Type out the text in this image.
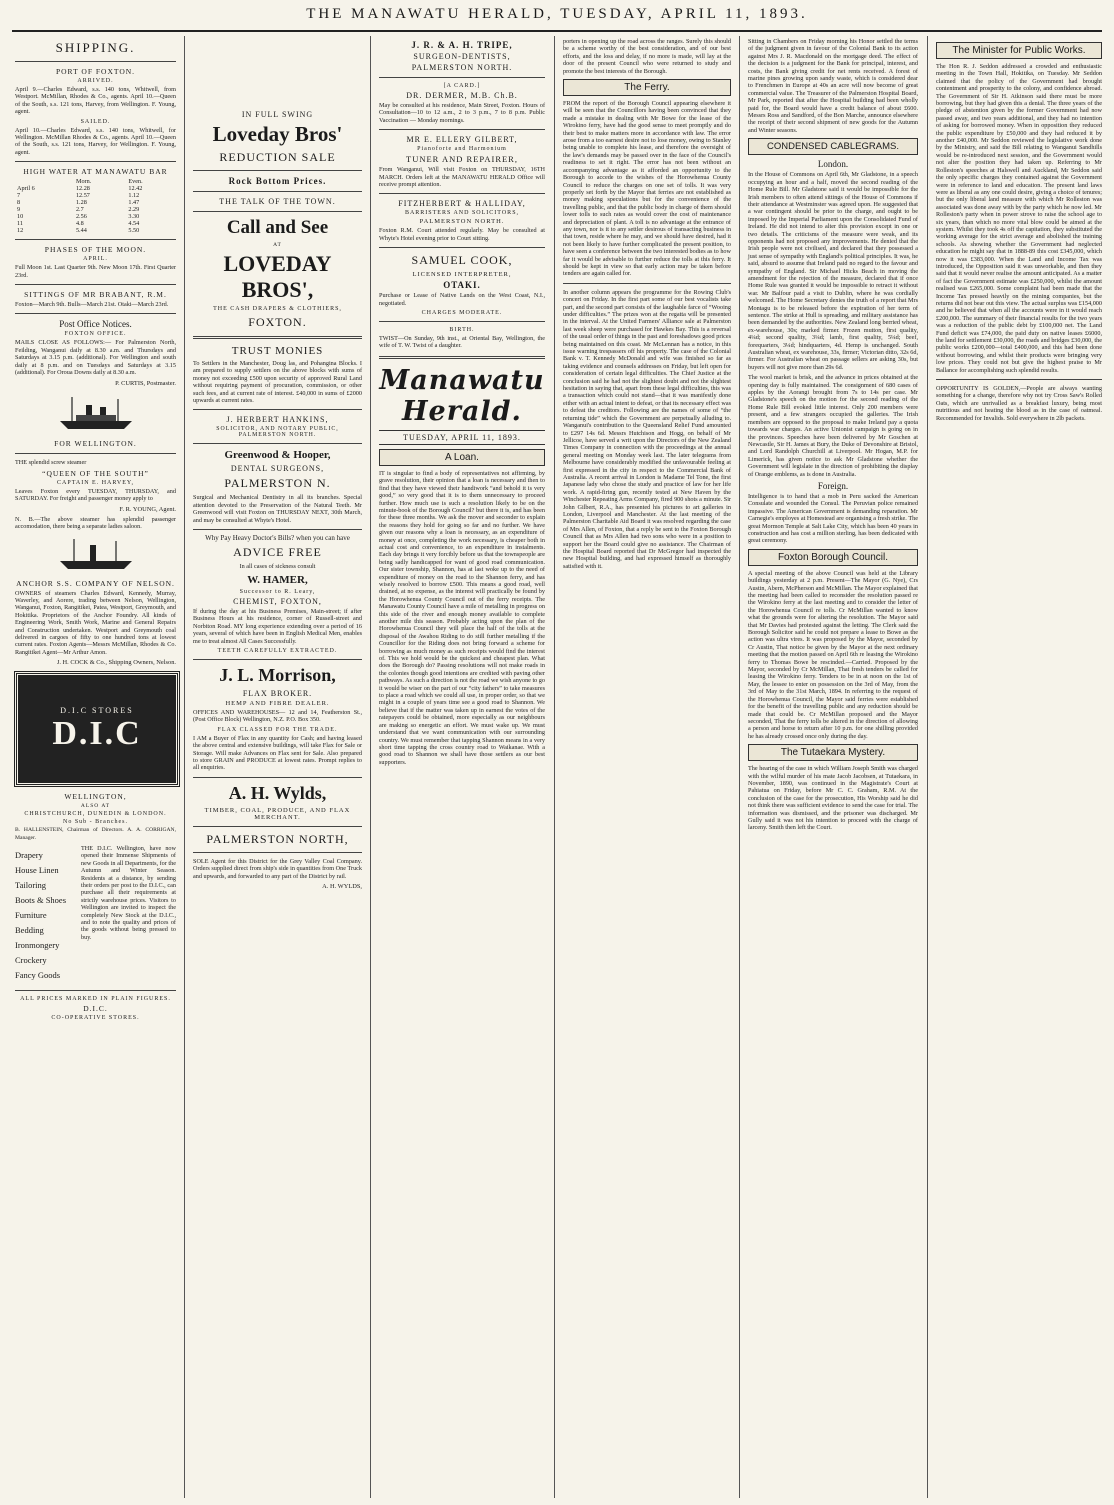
THE MANAWATU HERALD, TUESDAY, APRIL 11, 1893.
SHIPPING.
PORT OF FOXTON.
ARRIVED.

April 9.—Charles Edward, s.s. 140 tons, Whitwell, from Westport. McMillan, Rhodes & Co., agents. April 10.—Queen of the South, s.s. 121 tons, Harvey, from Wellington. F. Young, agent.

SAILED.

April 10.—Charles Edward, s.s. 140 tons, Whitwell, for Wellington. McMillan Rhodes & Co., agents. April 10.—Queen of the South, s.s. 121 tons, Harvey, for Wellington. F. Young, agent.

HIGH WATER AT MANAWATU BAR
	Morn.	Even.
April 6	12.28	12.42
7	12.57	1.12
8	1.28	1.47
9	2.7	2.29
10	2.56	3.30
11	4.8	4.54
12	5.44	5.50
PHASES OF THE MOON.
APRIL.

Full Moon 1st. Last Quarter 9th. New Moon 17th. First Quarter 23rd.

SITTINGS OF MR BRABANT, R.M.

Foxton—March 9th. Bulls—March 21st. Otaki—March 23rd.

Post Office Notices.
FOXTON OFFICE.

MAILS CLOSE AS FOLLOWS:— For Palmerston North, Feilding, Wanganui daily at 8.30 a.m. and Thursdays and Saturdays at 3.15 p.m. (additional). For Wellington and south daily at 8 p.m. and on Tuesdays and Saturdays at 3.15 (additional). For Oroua Downs daily at 8.30 a.m.

P. CURTIS, Postmaster.
FOR WELLINGTON.

THE splendid screw steamer

“QUEEN OF THE SOUTH”
CAPTAIN E. HARVEY,

Leaves Foxton every TUESDAY, THURSDAY, and SATURDAY. For freight and passenger money apply to

F. R. YOUNG, Agent.

N. B.—The above steamer has splendid passenger accomodation, there being a separate ladies saloon.

ANCHOR S.S. COMPANY OF NELSON.

OWNERS of steamers Charles Edward, Kennedy, Murray, Waverley, and Aorere, trading between Nelson, Wellington, Wanganui, Foxton, Rangitikei, Patea, Westport, Greymouth, and Hokitika. Proprietors of the Anchor Foundry. All kinds of Engineering Work, Smith Work, Marine and General Repairs and Construction undertaken. Westport and Greymouth coal delivered in cargoes of fifty to one hundred tons at lowest current rates. Foxton Agents—Messrs McMillan, Rhodes & Co. Rangitikei Agent—Mr Arthur Amon.

J. H. COCK & Co., Shipping Owners, Nelson.
D.I.C STORES
D.I.C
WELLINGTON,
ALSO AT
CHRISTCHURCH, DUNEDIN & LONDON.
No Sub - Branches.

B. HALLENSTEIN, Chairman of Directors. A. A. CORRIGAN, Manager.

Drapery
House Linen
Tailoring
Boots & Shoes
Furniture
Bedding
Ironmongery
Crockery
Fancy Goods

THE D.I.C. Wellington, have now opened their Immense Shipments of new Goods in all Departments, for the Autumn and Winter Season. Residents at a distance, by sending their orders per post to the D.I.C., can purchase all their requirements at strictly warehouse prices. Visitors to Wellington are invited to inspect the completely New Stock at the D.I.C., and to note the quality and prices of the goods without being pressed to buy.

ALL PRICES MARKED IN PLAIN FIGURES.
D.I.C.
CO-OPERATIVE STORES.
IN FULL SWING
Loveday Bros'
REDUCTION SALE
Rock Bottom Prices.
THE TALK OF THE TOWN.
Call and See
AT
LOVEDAY BROS',
THE CASH DRAPERS & CLOTHIERS,
FOXTON.
TRUST MONIES

To Settlers in the Manchester, Doug las, and Pohangina Blocks. I am prepared to supply settlers on the above blocks with sums of money not exceeding £500 upon security of approved Rural Land without requiring payment of procuration, commission, or other such fees, and at current rate of interest. £40,000 in sums of £2000 upwards at current rates.

J. HERBERT HANKINS,
SOLICITOR, AND NOTARY PUBLIC, PALMERSTON NORTH.
Greenwood & Hooper,
DENTAL SURGEONS,
PALMERSTON N.

Surgical and Mechanical Dentistry in all its branches. Special attention devoted to the Preservation of the Natural Teeth. Mr Greenwood will visit Foxton on THURSDAY NEXT, 30th March, and may be consulted at Whyte's Hotel.

Why Pay Heavy Doctor's Bills? when you can have

ADVICE FREE

In all cases of sickness consult

W. HAMER,
Successor to R. Leary,
CHEMIST, FOXTON,

If during the day at his Business Premises, Main-street; if after Business Hours at his residence, corner of Russell-street and Norbiton Road. MY long experience extending over a period of 16 years, several of which have been in English Medical Men, enables me to treat almost All Cases Successfully.

TEETH CAREFULLY EXTRACTED.
J. L. Morrison,
FLAX BROKER.
HEMP AND FIBRE DEALER.

OFFICES AND WAREHOUSES— 12 and 14, Featherston St., (Post Office Block) Wellington, N.Z. P.O. Box 350.

FLAX CLASSED FOR THE TRADE.

I AM a Buyer of Flax in any quantity for Cash; and having leased the above central and extensive buildings, will take Flax for Sale or Storage. Will make Advances on Flax sent for Sale. Also prepared to store GRAIN and PRODUCE at lowest rates. Prompt replies to all enquiries.

A. H. Wylds,
TIMBER, COAL, PRODUCE, AND FLAX MERCHANT.
PALMERSTON NORTH,

SOLE Agent for this District for the Grey Valley Coal Company. Orders supplied direct from ship's side in quantities from One Truck and upwards, and forwarded to any part of the District by rail.

A. H. WYLDS,
J. R. & A. H. TRIPE,
SURGEON-DENTISTS,
PALMERSTON NORTH.
[A CARD.]
DR. DERMER, M.B. Ch.B.

May be consulted at his residence, Main Street, Foxton. Hours of Consultation—10 to 12 a.m., 2 to 3 p.m., 7 to 8 p.m. Public Vaccination — Monday mornings.

MR E. ELLERY GILBERT,
Pianoforte and Harmonium
TUNER AND REPAIRER,

From Wanganui, Will visit Foxton on THURSDAY, 16TH MARCH. Orders left at the MANAWATU HERALD Office will receive prompt attention.

FITZHERBERT & HALLIDAY,
BARRISTERS AND SOLICITORS,
PALMERSTON NORTH.

Foxton R.M. Court attended regularly. May be consulted at Whyte's Hotel evening prior to Court sitting.

SAMUEL COOK,
LICENSED INTERPRETER,
OTAKI.

Purchase or Lease of Native Lands on the West Coast, N.I., negotiated.

CHARGES MODERATE.
BIRTH.

TWIST—On Sunday, 9th inst., at Oriental Bay, Wellington, the wife of T. W. Twist of a daughter.

Manawatu Herald.
TUESDAY, APRIL 11, 1893.
A Loan.

IT is singular to find a body of representatives not affirming, by grave resolution, their opinion that a loan is necessary and then to find that they have viewed their handiwork “and behold it is very good,” so very good that it is to them unnecessary to proceed further. How much use is such a resolution likely to be on the minute-book of the Borough Council? but there it is, and has been for these three months. We ask the mover and seconder to explain the reasons they hold for going so far and no further. We have given our reasons why a loan is necessary, as an expenditure of money at once, completing the work necessary, is cheaper both in actual cost and convenience, to an expenditure in instalments. Each day brings it very forcibly before us that the townspeople are being sadly handicapped for want of good road communication. Our sister township, Shannon, has at last woke up to the need of expenditure of money on the road to the Shannon ferry, and has wisely resolved to borrow £500. This means a good road, well drained, at no expense, as the interest will practically be found by the Horowhenua County Council out of the ferry receipts. The Manawatu County Council have a mile of metalling in progress on this side of the river and enough money available to complete another mile this season. Probably acting upon the plan of the Horowhenua Council they will place the half of the tolls at the disposal of the Awahou Riding to do still further metalling if the Councillor for the Riding does not bring forward a scheme for borrowing as much money as such receipts would find the interest of. This we hold would be the quickest and cheapest plan. What does the Borough do? Passing resolutions will not make roads in the colonies though good intentions are credited with paving other pathways. As such a direction is not the road we wish anyone to go it would be wiser on the part of our “city fathers” to take measures to place a road which we could all use, in proper order, so that we might in a couple of years time see a good road to Shannon. We believe that if the matter was taken up in earnest the votes of the ratepayers could be obtained, more especially as our neighbours are making so energetic an effort. We must wake up. We must understand that we want communication with our surrounding country. We must remember that tapping Shannon means in a very short time tapping the cross country road to Waikanae. With a good road to Shannon we shall have those settlers as our best supporters.

porters in opening up the road across the ranges. Surely this should be a scheme worthy of the best consideration, and of our best efforts, and the loss and delay, if no more is made, will lay at the door of the present Council who were returned to study and promote the best interests of the Borough.

The Ferry.

FROM the report of the Borough Council appearing elsewhere it will be seen that the Councillors having been convinced that they made a mistake in dealing with Mr Bowe for the lease of the Wirokino ferry, have had the good sense to meet promptly and do their best to make matters more in accordance with law. The error arose from a too earnest desire not to lose money, owing to Stanley being unable to complete his lease, and therefore the oversight of the law's demands may be passed over in the face of the Council's readiness to set it right. The error has not been without an accompanying advantage as it afforded an opportunity to the Borough to accede to the wishes of the Horowhenua County Council to reduce the charges on one set of tolls. It was very properly set forth by the Mayor that ferries are not established as money making speculations but for the convenience of the travelling public, and that the public body in charge of them should lower tolls to such rates as would cover the cost of maintenance and depreciation of plant. A toll is no advantage at the entrance of any town, nor is it to any settler desirous of transacting business in that town, reside where he may, and we should have desired, had it not been likely to have further complicated the present position, to have seen a conference between the two interested bodies as to how far it would be advisable to further reduce the tolls at this ferry. It should be kept in view so that early action may be taken before tenders are again called for.

In another column appears the programme for the Rowing Club's concert on Friday. In the first part some of our best vocalists take part, and the second part consists of the laughable farce of “Wooing under difficulties.” The prizes won at the regatta will be presented in the interval. At the United Farmers' Alliance sale at Palmerston last week sheep were purchased for Hawkes Bay. This is a reversal of the usual order of things in the past and foreshadows good prices being maintained on this coast. Mr McLennan has a notice, in this issue warning trespassers off his property. The case of the Colonial Bank v. T. Kennedy McDonald and wife was finished so far as taking evidence and counsels addresses on Friday, but left open for consideration of certain legal difficulties. The Chief Justice at the conclusion said he had not the slightest doubt and not the slightest hesitation in saying that, apart from these legal difficulties, this was a transaction which could not stand—that it was manifestly done either with an actual intent to defeat, or that its necessary effect was to defeat the creditors. Following are the names of some of “the returning tide” which the Government are perpetually alluding to. Wanganui's contribution to the Queensland Relief Fund amounted to £297 14s 6d. Messrs Hutchison and Hogg, on behalf of Mr Jellicoe, have served a writ upon the Directors of the New Zealand Times Company in connection with the proceedings at the annual general meeting on Monday week last. The later telegrams from Melbourne have considerably modified the unfavourable feeling at first expressed in the city in respect to the Commercial Bank of Australia. A recent arrival in London is Madame Tel Tone, the first Japanese lady who chose the study and practice of law for her life work. A rapid-firing gun, recently tested at New Haven by the Winchester Repeating Arms Company, fired 900 shots a minute. Sir John Gilbert, R.A., has presented his pictures to art galleries in London, Liverpool and Manchester. At the last meeting of the Palmerston Charitable Aid Board it was resolved regarding the case of Mrs Allen, of Foxton, that a reply be sent to the Foxton Borough Council that as Mrs Allen had two sons who were in a position to support her the Board could give no assistance. The Chairman of the Hospital Board reported that Dr McGregor had inspected the new Hospital building, and had expressed himself as thoroughly satisfied with it.

Sitting in Chambers on Friday morning his Honor settled the terms of the judgment given in favour of the Colonial Bank to its action against Mrs J. R. Macdonald on the mortgage deed. The effect of the decision is a judgment for the Bank for principal, interest, and costs, the Bank giving credit for net rents received. A forest of marine pines growing upon sandy waste, which is considered dear to Frenchmen in Europe at 40s an acre will now become of great commercial value. The Treasurer of the Palmerston Hospital Board, Mr Park, reported that after the Hospital building had been wholly paid for, the Board would have a credit balance of about £600. Messrs Ross and Sandford, of the Bon Marche, announce elsewhere the receipt of their second shipment of new goods for the Autumn and Winter seasons.

CONDENSED CABLEGRAMS.
London.

In the House of Commons on April 6th, Mr Gladstone, in a speech occupying an hour and a half, moved the second reading of the Home Rule Bill. Mr Gladstone said it would be impossible for the Irish members to often attend sittings of the House of Commons if their attendance at Westminster was agreed upon. He suggested that a war contingent should be prior to the charge, and ought to be imposed by the Imperial Parliament upon the Consolidated Fund of Ireland. He did not intend to alter this provision except in one or two details. The criticisms of the measure were weak, and its opponents had not proposed any improvements. He denied that the Irish people were not civilised, and declared that they possessed a just sense of sympathy with England's political principles. It was, he said, absurd to assume that Ireland paid no regard to the favour and sympathy of England. Sir Michael Hicks Beach in moving the amendment for the rejection of the measure, declared that if once Home Rule was granted it would be impossible to retract it without war. Mr Balfour paid a visit to Dublin, where he was cordially welcomed. The Home Secretary denies the truth of a report that Mrs Montagu is to be released before the expiration of her term of sentence. The strike at Hull is spreading, and military assistance has been demanded by the authorities. New Zealand long berried wheat, ex-warehouse, 30s; marked firmer. Frozen mutton, first quality, 4¼d; second quality, 3¼d; lamb, first quality, 5¼d; beef, forequarters, 3¼d; hindquarters, 4d. Hemp is unchanged. South Australian wheat, ex warehouse, 33s, firmer; Victorian ditto, 32s 6d, firmer. For Australian wheat on passage sellers are asking 30s, but buyers will not give more than 29s 6d.

The wool market is brisk, and the advance in prices obtained at the opening day is fully maintained. The consignment of 680 cases of apples by the Aorangi brought from 7s to 14s per case. Mr Gladstone's speech on the motion for the second reading of the Home Rule Bill evoked little interest. Only 200 members were present, and a few strangers occupied the galleries. The Irish members are opposed to the proposal to make Ireland pay a quota towards war charges. An active Unionist campaign is going on in the provinces. Speeches have been delivered by Mr Goschen at Newcastle, Sir H. James at Bury, the Duke of Devonshire at Bristol, and Lord Randolph Churchill at Liverpool. Mr Hogan, M.P. for Limerick, has given notice to ask Mr Gladstone whether the Government will legislate in the direction of prohibiting the display of Orange emblems, as is done in Australia.

Foreign.

Intelligence is to hand that a mob in Peru sacked the American Consulate and wounded the Consul. The Peruvian police remained impassive. The American Government is demanding reparation. Mr Carnegie's employes at Homestead are organising a fresh strike. The great Mormon Temple at Salt Lake City, which has been 40 years in construction and has cost a million sterling, has been dedicated with great ceremony.

Foxton Borough Council.

A special meeting of the above Council was held at the Library buildings yesterday at 2 p.m. Present—The Mayor (G. Nye), Crs Austin, Abern, McPherson and McMillan. The Mayor explained that the meeting had been called to reconsider the resolution passed re the Wirokino ferry at the last meeting and to consider the letter of the Horowhenua Council re tolls. Cr McMillan wanted to know what the grounds were for altering the resolution. The Mayor said that Mr Davies had protested against the letting. The Clerk said the Borough Solicitor said he could not prepare a lease to Bowe as the action was ultra vires. It was proposed by the Mayor, seconded by Cr Austin, That notice be given by the Mayor at the next ordinary meeting that the motion passed on April 6th re leasing the Wirokino ferry to Thomas Bowe be rescinded.—Carried. Proposed by the Mayor, seconded by Cr McMillan, That fresh tenders be called for leasing the Wirokino ferry. Tenders to be in at noon on the 1st of May, the lessee to enter on possession on the 3rd of May, from the 3rd of May to the 31st March, 1894. In referring to the request of the Horowhenua Council, the Mayor said ferries were established for the benefit of the travelling public and any reduction should be made that could be. Cr McMillan proposed and the Mayor seconded, That the ferry tolls be altered in the direction of allowing a person and horse to return after 10 p.m. for one shilling provided he has already crossed once only during the day.

The Tutaekara Mystery.

The hearing of the case in which William Joseph Smith was charged with the wilful murder of his mate Jacob Jacobsen, at Tutaekara, in November, 1890, was continued in the Magistrate's Court at Pahiatua on Friday, before Mr C. C. Graham, R.M. At the conclusion of the case for the prosecution, His Worship said he did not think there was sufficient evidence to send the case for trial. The information was dismissed, and the prisoner was discharged. Mr Gully said it was not his intention to proceed with the charge of larceny. Smith then left the Court.

The Minister for Public Works.

The Hon R. J. Seddon addressed a crowded and enthusiastic meeting in the Town Hall, Hokitika, on Tuesday. Mr Seddon claimed that the policy of the Government had brought contentment and prosperity to the colony, and confidence abroad. The Government of Sir H. Atkinson said there must be more borrowing, but they had given this a denial. The three years of the pledge of abstention given by the former Government had now passed away, and two years additional, and they had no intention of asking for borrowed money. When in opposition they reduced the public expenditure by £50,000 and they had reduced it by another £40,000. Mr Seddon reviewed the legislative work done by the Ministry, and said the Bill relating to Wanganui Sandhills would be re-introduced next session, and the Government would not alter the position they had taken up. Referring to Mr Rolleston's speeches at Halswell and Auckland, Mr Seddon said the only specific charges they contained against the Government were in reference to land and education. The present land laws were as liberal as any one could desire, giving a choice of tenures; but the only liberal land measure with which Mr Rolleston was associated was done away with by the party which he now led. Mr Rolleston's party when in power strove to raise the school age to six years, than which no more vital blow could be aimed at the system. Whilst they took 4s off the capitation, they substituted the working average for the strict average and abolished the training schools. As showing whether the Government had neglected education he might say that in 1888-89 this cost £345,000, which now it was £383,000. When the Land and Income Tax was introduced, the Opposition said it was unworkable, and then they said that it would never realise the amount anticipated. As a matter of fact the Government estimate was £250,000, whilst the amount realised was £265,000. Some complaint had been made that the Income Tax pressed heavily on the mining companies, but the returns did not bear out this view. The actual surplus was £154,000 and he believed that when all the accounts were in it would reach £200,000. The summary of their financial results for the two years was a reduction of the public debt by £100,000 net. The Land Fund deficit was £74,000, the paid duty on native leases £6000, the land for settlement £30,000, the roads and bridges £30,000, the public works £200,000—total £400,000, and this had been done without borrowing, and whilst their products were bringing very low prices. They could not but give the highest praise to Mr Ballance for accomplishing such splendid results.

OPPORTUNITY IS GOLDEN,—People are always wanting something for a change, therefore why not try Cross Saw's Rolled Oats, which are unrivalled as a breakfast luxury, being most nutritious and not heating the blood as in the case of oatmeal. Recommended for Invalids. Sold everywhere in 2lb packets.
